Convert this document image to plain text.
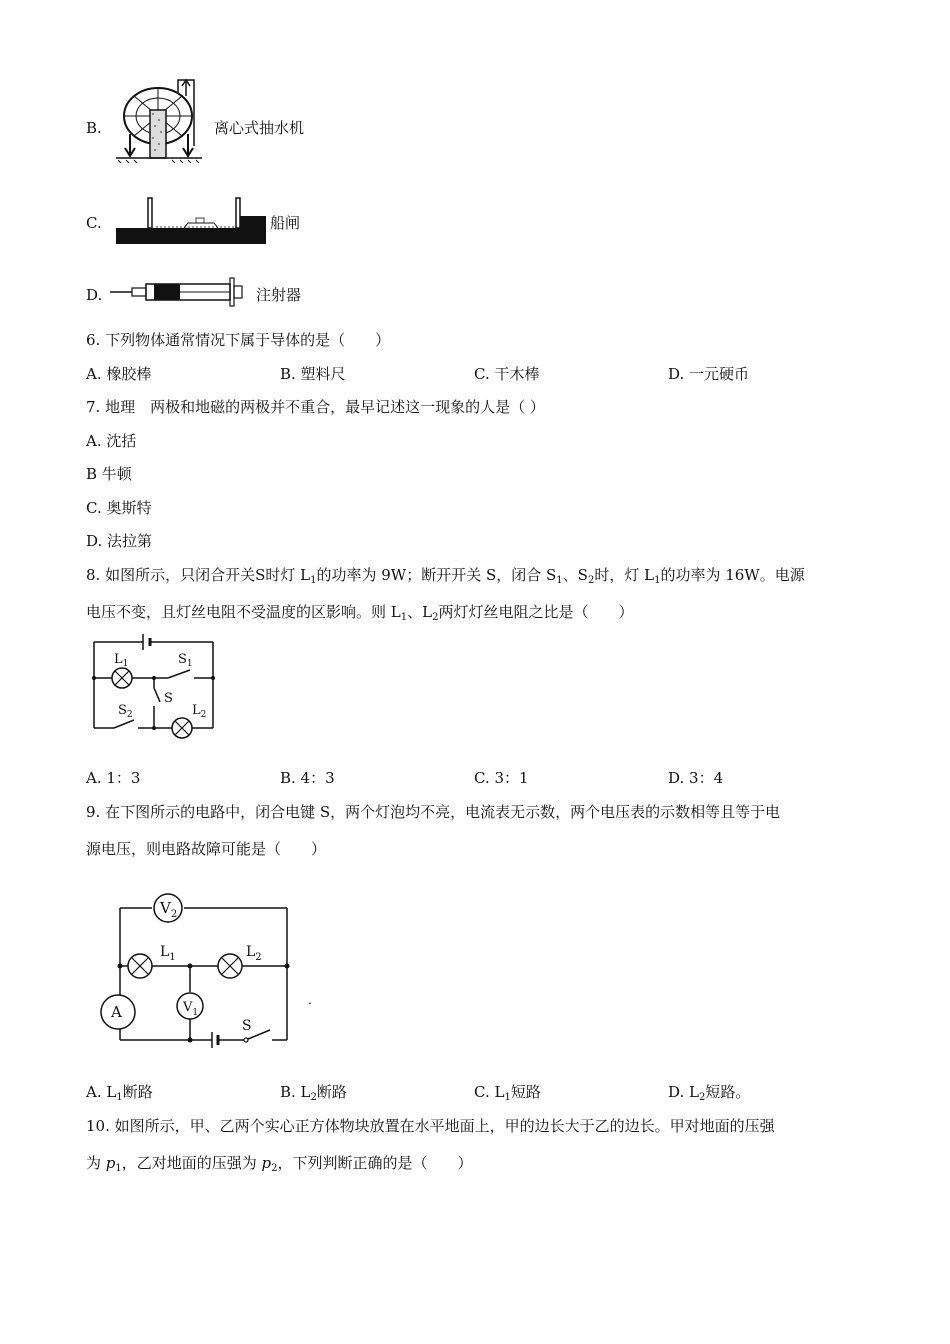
B.	离心式抽水机
C.	船闸
D.	注射器
6. 下列物体通常情况下属于导体的是（　　）
A. 橡胶棒	B. 塑料尺	C. 干木棒	D. 一元硬币
7. 地理　两极和地磁的两极并不重合，最早记述这一现象的人是（ ）
A. 沈括
B 牛顿
C. 奥斯特
D. 法拉第
8. 如图所示，只闭合开关S时灯 $L_1$的功率为 9W；断开开关 S，闭合 $S_1$、$S_2$时，灯 $L_1$的功率为 16W。电源
电压不变，且灯丝电阻不受温度的区影响。则 $L_1$、$L_2$两灯灯丝电阻之比是（　　）
$L_1$	$S_1$
S
$S_2$	$L_2$
A. 1：3	B. 4：3	C. 3：1	D. 3：4
9. 在下图所示的电路中，闭合电键 S，两个灯泡均不亮，电流表无示数，两个电压表的示数相等且等于电
源电压，则电路故障可能是（　　）
$V_2$
$L_1$	$L_2$
$V_1$
A
S
.
A. $L_1$断路	B. $L_2$断路	C. $L_1$短路	D. $L_2$短路。
10. 如图所示，甲、乙两个实心正方体物块放置在水平地面上，甲的边长大于乙的边长。甲对地面的压强
为 $p_1$，乙对地面的压强为 $p_2$，下列判断正确的是（　　）
